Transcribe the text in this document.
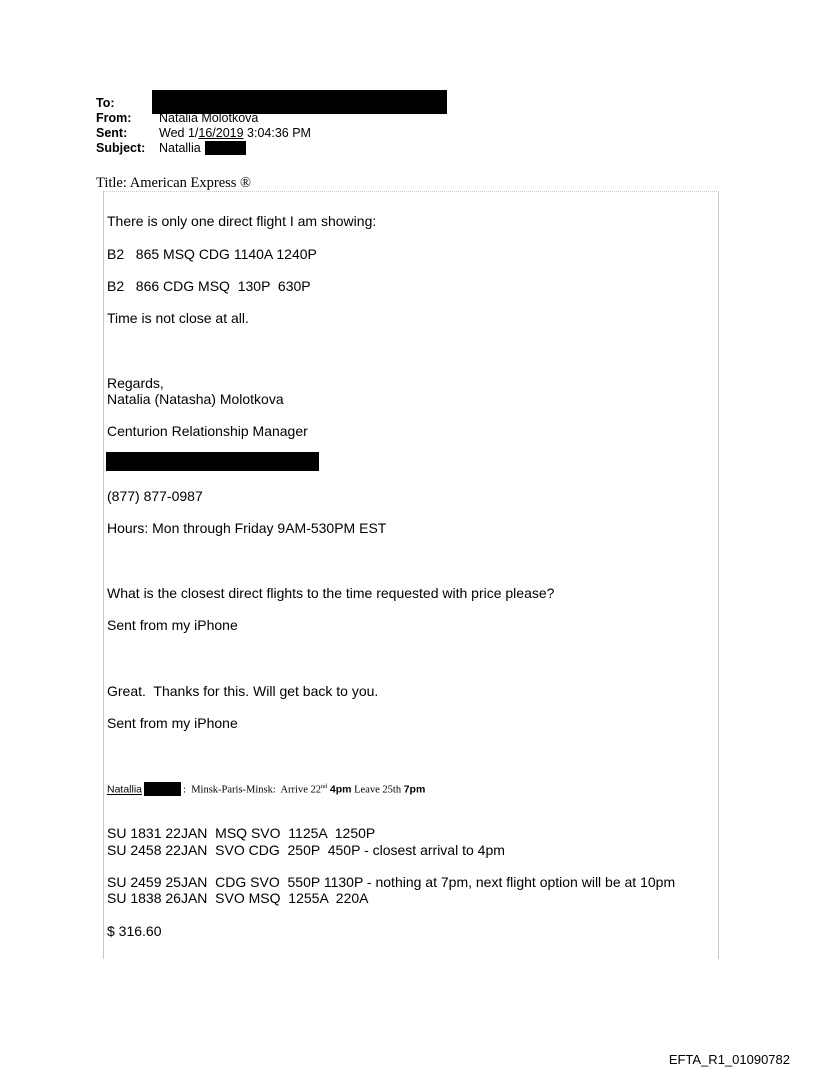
To:
From:	Natalia Molotkova
Sent:	Wed 1/16/2019 3:04:36 PM
Subject:	Natallia
Title: American Express ®
There is only one direct flight I am showing:
B2   865 MSQ CDG 1140A 1240P
B2   866 CDG MSQ  130P  630P
Time is not close at all.
Regards,
Natalia (Natasha) Molotkova
Centurion Relationship Manager
(877) 877-0987
Hours: Mon through Friday 9AM-530PM EST
What is the closest direct flights to the time requested with price please?
Sent from my iPhone
Great.  Thanks for this. Will get back to you.
Sent from my iPhone
Natallia	:  Minsk-Paris-Minsk:  Arrive 22nd 4pm Leave 25th 7pm
SU 1831 22JAN  MSQ SVO  1125A  1250P
SU 2458 22JAN  SVO CDG  250P  450P - closest arrival to 4pm
SU 2459 25JAN  CDG SVO  550P 1130P - nothing at 7pm, next flight option will be at 10pm
SU 1838 26JAN  SVO MSQ  1255A  220A
$ 316.60
EFTA_R1_01090782
